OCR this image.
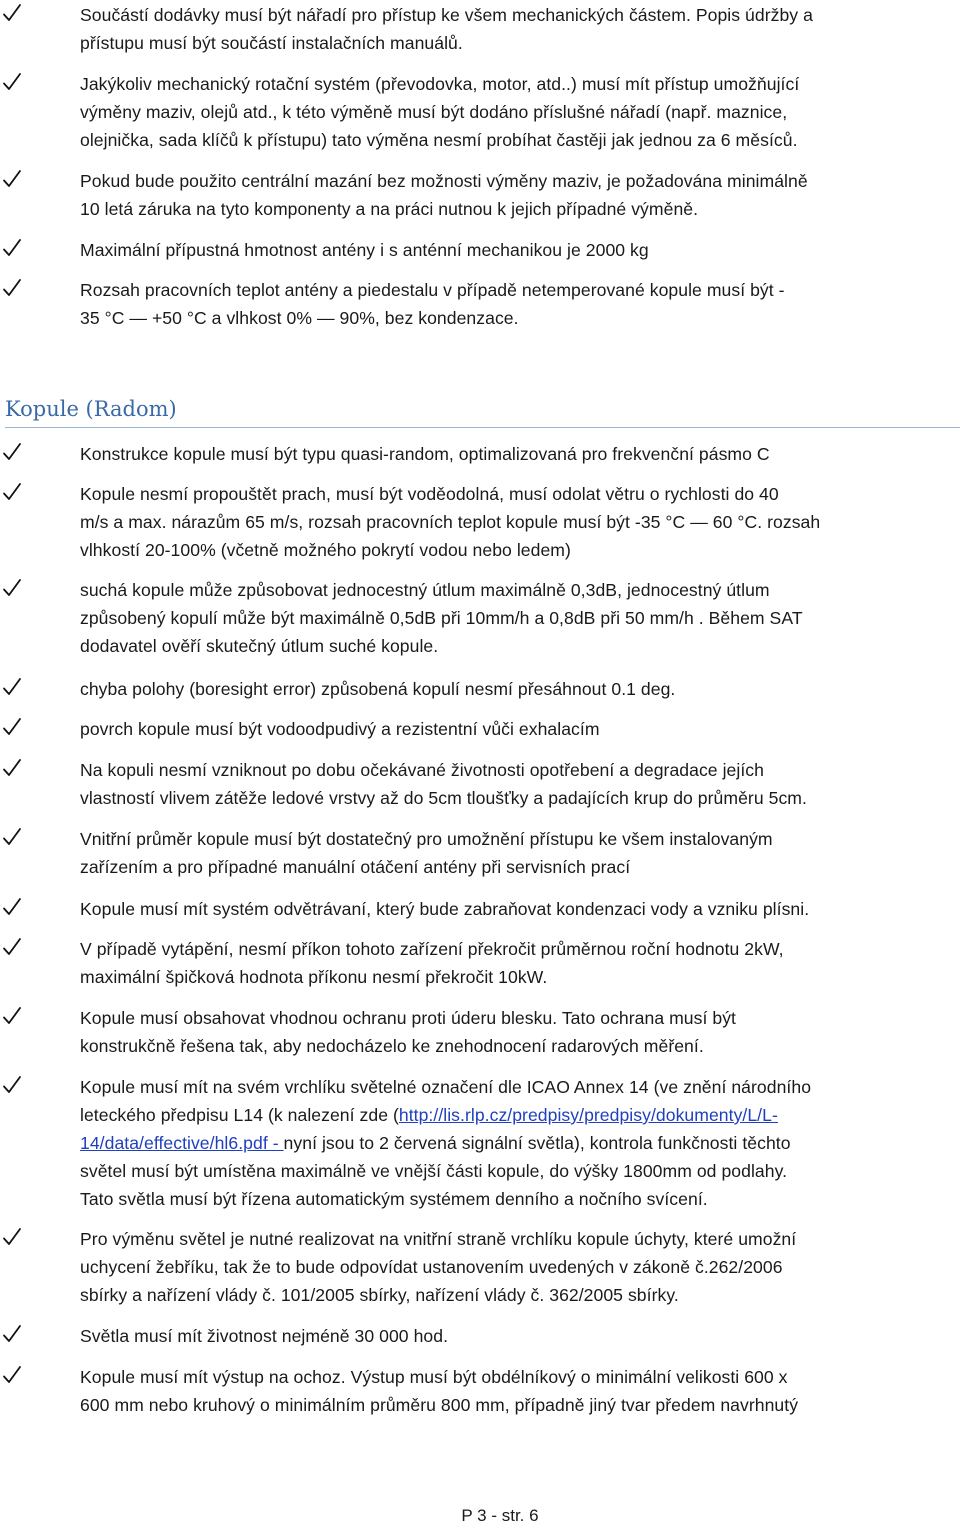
Součástí dodávky musí být nářadí pro přístup ke všem mechanických částem. Popis údržby a
přístupu musí být součástí instalačních manuálů.
Jakýkoliv mechanický rotační systém (převodovka, motor, atd..) musí mít přístup umožňující
výměny maziv, olejů atd., k této výměně musí být dodáno příslušné nářadí (např. maznice,
olejnička, sada klíčů k přístupu) tato výměna nesmí probíhat častěji jak jednou za 6 měsíců.
Pokud bude použito centrální mazání bez možnosti výměny maziv, je požadována minimálně
10 letá záruka na tyto komponenty a na práci nutnou k jejich případné výměně.
Maximální přípustná hmotnost antény i s anténní mechanikou je 2000 kg
Rozsah pracovních teplot antény a piedestalu v případě netemperované kopule musí být -
35 °C — +50 °C a vlhkost 0% — 90%, bez kondenzace.
Kopule (Radom)
Konstrukce kopule musí být typu quasi-random, optimalizovaná pro frekvenční pásmo C
Kopule nesmí propouštět prach, musí být voděodolná, musí odolat větru o rychlosti do 40
m/s a max. nárazům 65 m/s, rozsah pracovních teplot kopule musí být -35 °C — 60 °C. rozsah
vlhkostí 20-100% (včetně možného pokrytí vodou nebo ledem)
suchá kopule může způsobovat jednocestný útlum maximálně 0,3dB, jednocestný útlum
způsobený kopulí může být maximálně 0,5dB při 10mm/h a 0,8dB při 50 mm/h . Během SAT
dodavatel ověří skutečný útlum suché kopule.
chyba polohy (boresight error) způsobená kopulí nesmí přesáhnout 0.1 deg.
povrch kopule musí být vodoodpudivý a rezistentní vůči exhalacím
Na kopuli nesmí vzniknout po dobu očekávané životnosti opotřebení a degradace jejích
vlastností vlivem zátěže ledové vrstvy až do 5cm tloušťky a padajících krup do průměru 5cm.
Vnitřní průměr kopule musí být dostatečný pro umožnění přístupu ke všem instalovaným
zařízením a pro případné manuální otáčení antény při servisních prací
Kopule musí mít systém odvětrávaní, který bude zabraňovat kondenzaci vody a vzniku plísni.
V případě vytápění, nesmí příkon tohoto zařízení překročit průměrnou roční hodnotu 2kW,
maximální špičková hodnota příkonu nesmí překročit 10kW.
Kopule musí obsahovat vhodnou ochranu proti úderu blesku. Tato ochrana musí být
konstrukčně řešena tak, aby nedocházelo ke znehodnocení radarových měření.
Kopule musí mít na svém vrchlíku světelné označení dle ICAO Annex 14 (ve znění národního
leteckého předpisu L14 (k nalezení zde (http://lis.rlp.cz/predpisy/predpisy/dokumenty/L/L-
14/data/effective/hl6.pdf - nyní jsou to 2 červená signální světla), kontrola funkčnosti těchto
světel musí být umístěna maximálně ve vnější části kopule, do výšky 1800mm od podlahy.
Tato světla musí být řízena automatickým systémem denního a nočního svícení.
Pro výměnu světel je nutné realizovat na vnitřní straně vrchlíku kopule úchyty, které umožní
uchycení žebříku, tak že to bude odpovídat ustanovením uvedených v zákoně č.262/2006
sbírky a nařízení vlády č. 101/2005 sbírky, nařízení vlády č. 362/2005 sbírky.
Světla musí mít životnost nejméně 30 000 hod.
Kopule musí mít výstup na ochoz. Výstup musí být obdélníkový o minimální velikosti 600 x
600 mm nebo kruhový o minimálním průměru 800 mm, případně jiný tvar předem navrhnutý
P 3 - str. 6
